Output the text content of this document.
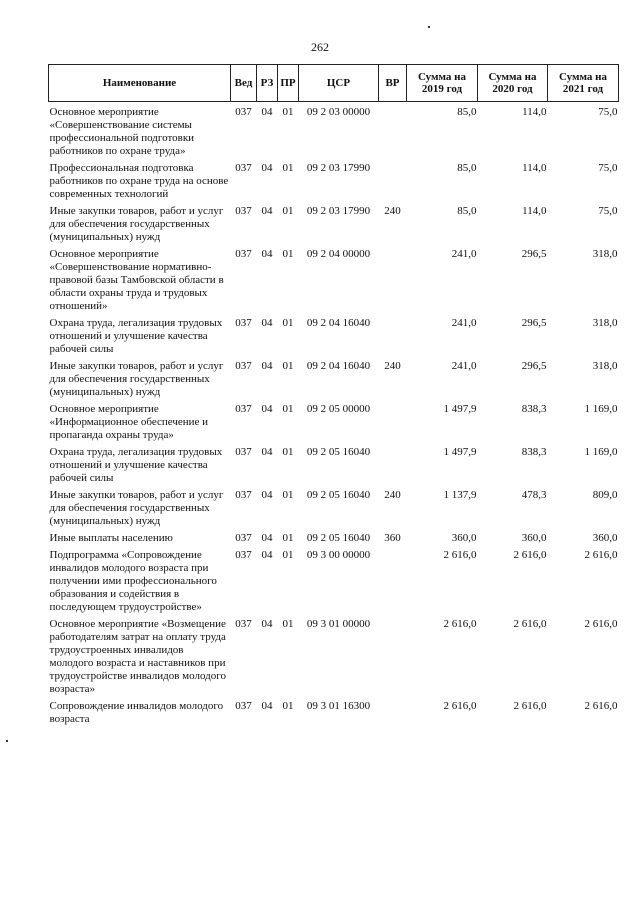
262
Наименование	Вед	РЗ	ПР	ЦСР	ВР	Сумма на 2019 год	Сумма на 2020 год	Сумма на 2021 год
Основное мероприятие «Совершенствование системы профессиональной подготовки работников по охране труда»	037	04	01	09 2 03 00000		85,0	114,0	75,0
Профессиональная подготовка работников по охране труда на основе современных технологий	037	04	01	09 2 03 17990		85,0	114,0	75,0
Иные закупки товаров, работ и услуг для обеспечения государственных (муниципальных) нужд	037	04	01	09 2 03 17990	240	85,0	114,0	75,0
Основное мероприятие «Совершенствование нормативно-правовой базы Тамбовской области в области охраны труда и трудовых отношений»	037	04	01	09 2 04 00000		241,0	296,5	318,0
Охрана труда, легализация трудовых отношений и улучшение качества рабочей силы	037	04	01	09 2 04 16040		241,0	296,5	318,0
Иные закупки товаров, работ и услуг для обеспечения государственных (муниципальных) нужд	037	04	01	09 2 04 16040	240	241,0	296,5	318,0
Основное мероприятие «Информационное обеспечение и пропаганда охраны труда»	037	04	01	09 2 05 00000		1 497,9	838,3	1 169,0
Охрана труда, легализация трудовых отношений и улучшение качества рабочей силы	037	04	01	09 2 05 16040		1 497,9	838,3	1 169,0
Иные закупки товаров, работ и услуг для обеспечения государственных (муниципальных) нужд	037	04	01	09 2 05 16040	240	1 137,9	478,3	809,0
Иные выплаты населению	037	04	01	09 2 05 16040	360	360,0	360,0	360,0
Подпрограмма «Сопровождение инвалидов молодого возраста при получении ими профессионального образования и содействия в последующем трудоустройстве»	037	04	01	09 3 00 00000		2 616,0	2 616,0	2 616,0
Основное мероприятие «Возмещение работодателям затрат на оплату труда трудоустроенных инвалидов молодого возраста и наставников при трудоустройстве инвалидов молодого возраста»	037	04	01	09 3 01 00000		2 616,0	2 616,0	2 616,0
Сопровождение инвалидов молодого возраста	037	04	01	09 3 01 16300		2 616,0	2 616,0	2 616,0
